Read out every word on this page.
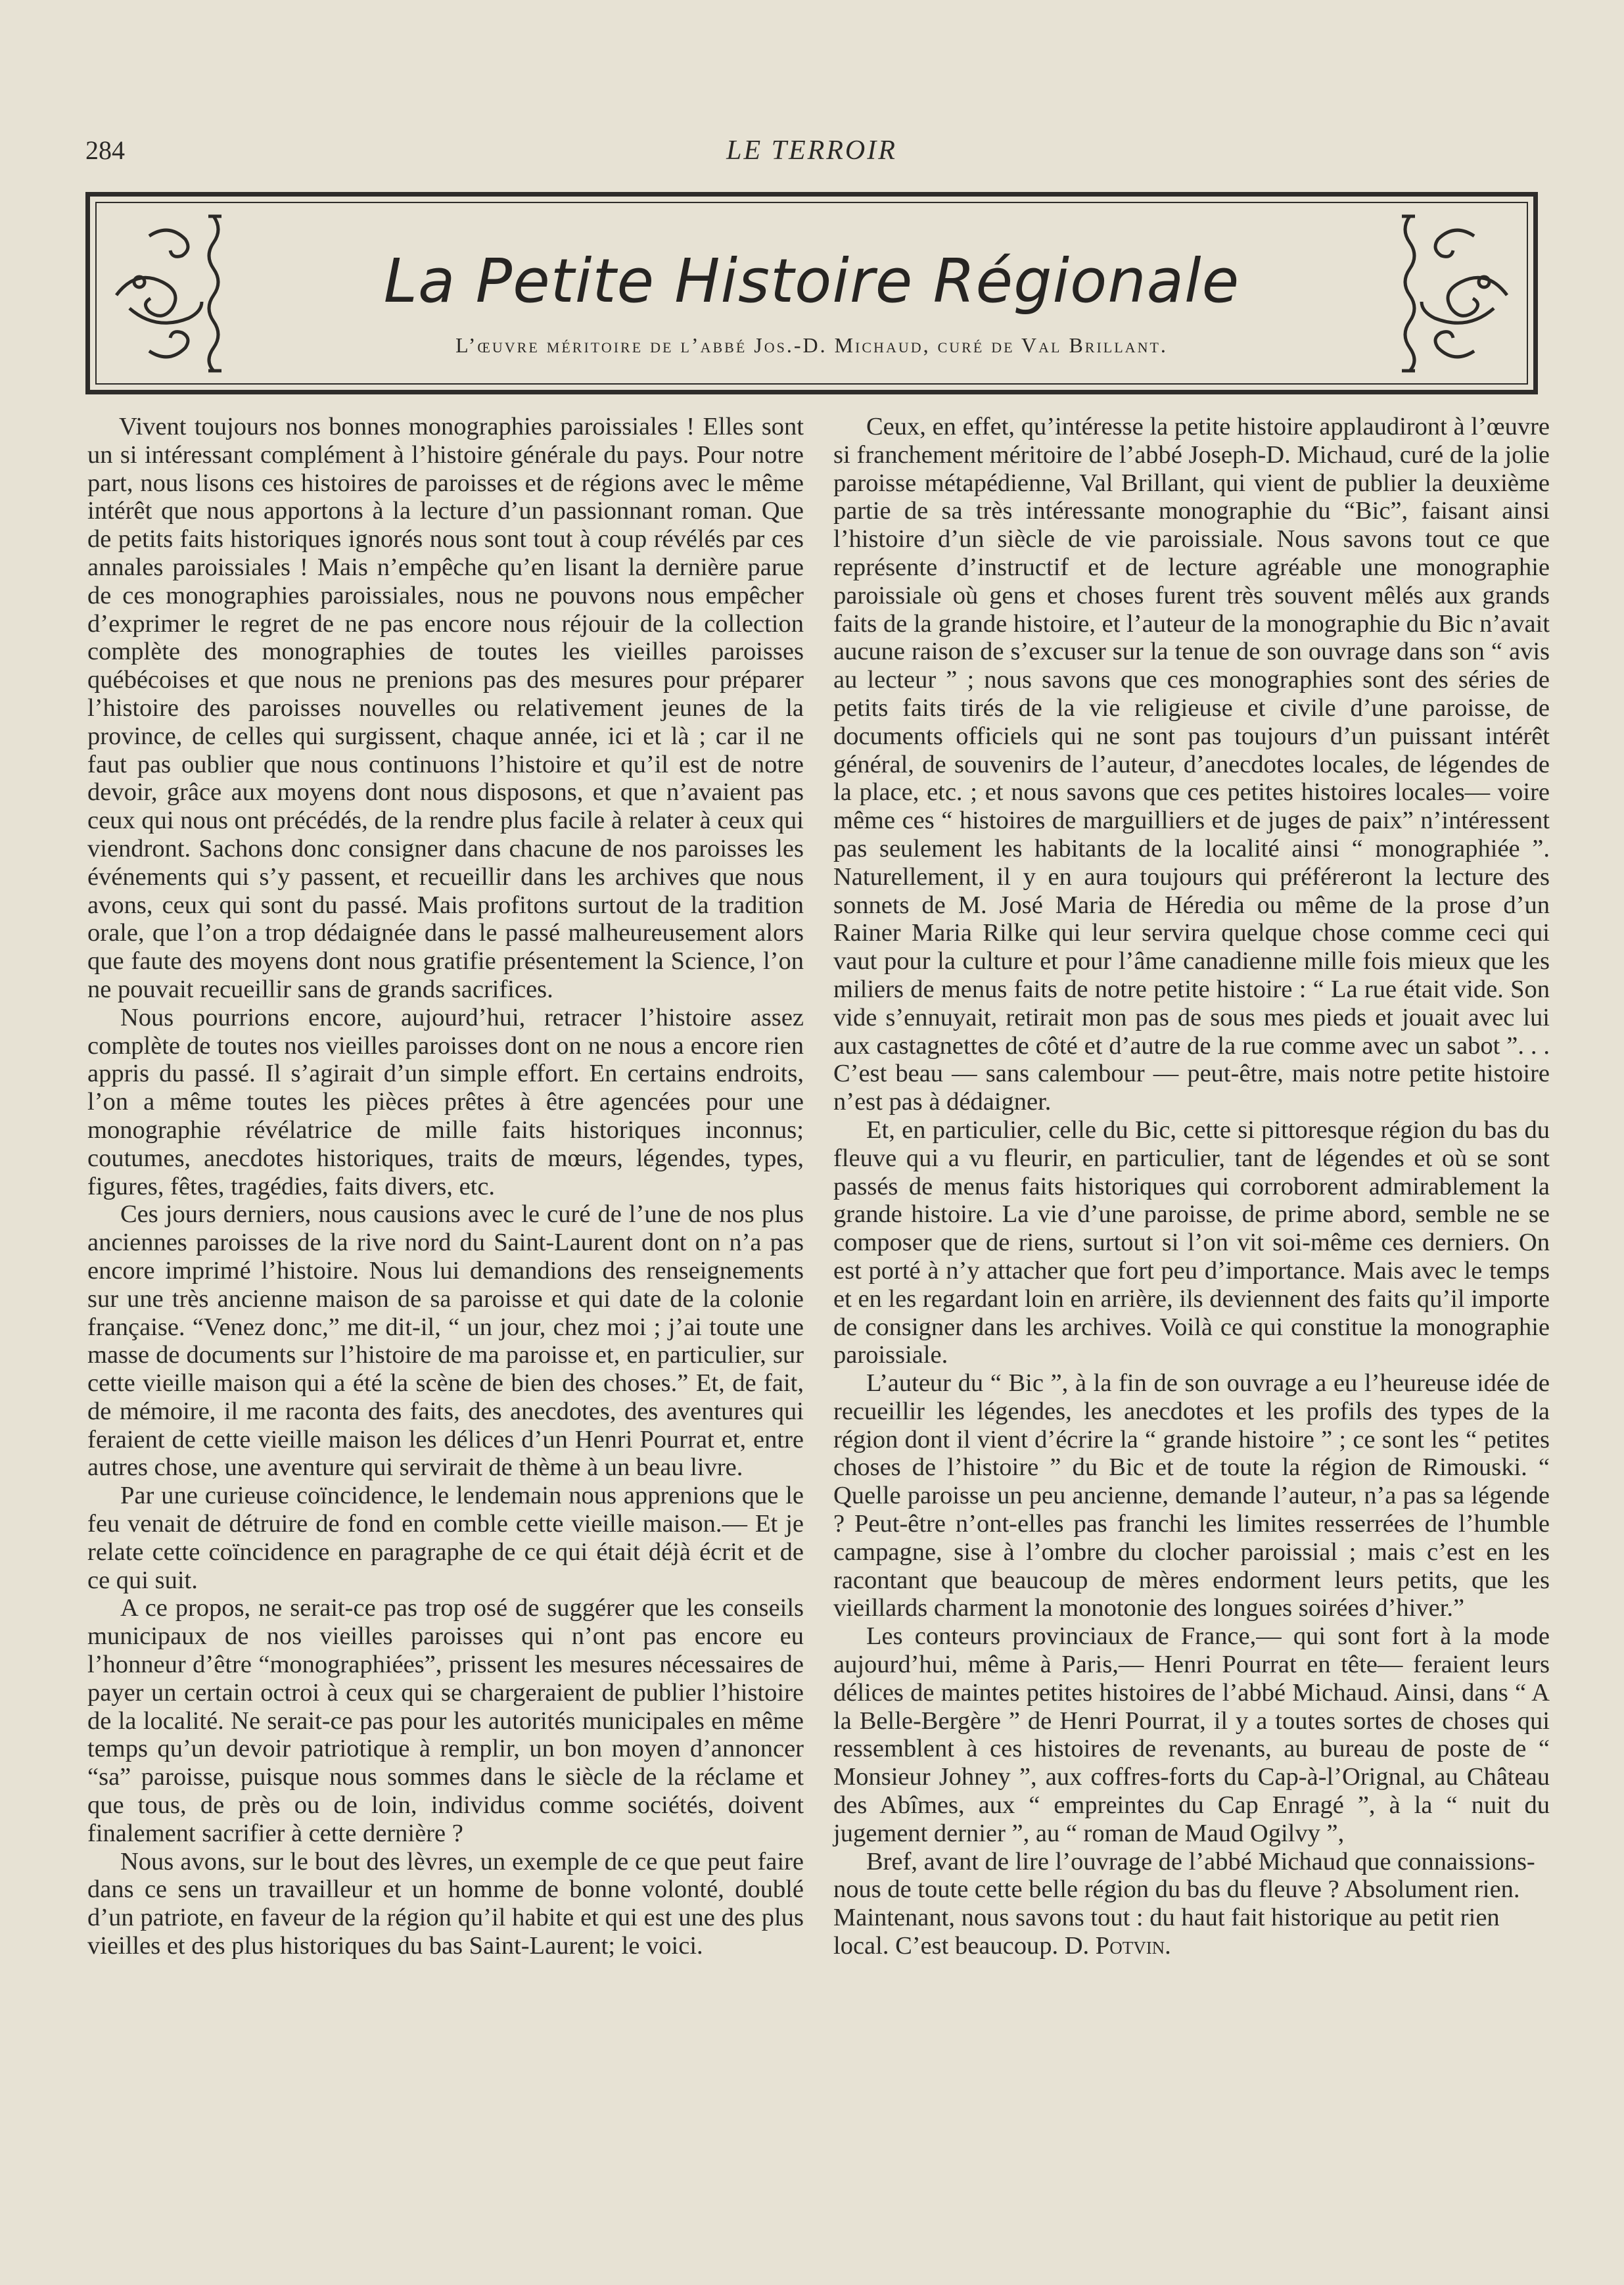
284	LE TERROIR
La Petite Histoire Régionale
L’œuvre méritoire de l’abbé Jos.-D. Michaud, curé de Val Brillant.

Vivent toujours nos bonnes monographies paroissiales ! Elles sont un si intéressant complément à l’histoire générale du pays. Pour notre part, nous lisons ces histoires de paroisses et de régions avec le même intérêt que nous apportons à la lecture d’un passionnant roman. Que de petits faits historiques ignorés nous sont tout à coup révélés par ces annales paroissiales ! Mais n’empêche qu’en lisant la dernière parue de ces monographies paroissiales, nous ne pouvons nous empêcher d’exprimer le regret de ne pas encore nous réjouir de la collection complète des monographies de toutes les vieilles paroisses québécoises et que nous ne prenions pas des mesures pour préparer l’histoire des paroisses nouvelles ou relativement jeunes de la province, de celles qui surgissent, chaque année, ici et là ; car il ne faut pas oublier que nous continuons l’histoire et qu’il est de notre devoir, grâce aux moyens dont nous disposons, et que n’avaient pas ceux qui nous ont précédés, de la rendre plus facile à relater à ceux qui viendront. Sachons donc consigner dans chacune de nos paroisses les événements qui s’y passent, et recueillir dans les archives que nous avons, ceux qui sont du passé. Mais profitons surtout de la tradition orale, que l’on a trop dédaignée dans le passé malheureusement alors que faute des moyens dont nous gratifie présentement la Science, l’on ne pouvait recueillir sans de grands sacrifices.

Nous pourrions encore, aujourd’hui, retracer l’histoire assez complète de toutes nos vieilles paroisses dont on ne nous a encore rien appris du passé. Il s’agirait d’un simple effort. En certains endroits, l’on a même toutes les pièces prêtes à être agencées pour une monographie révélatrice de mille faits historiques inconnus; coutumes, anecdotes historiques, traits de mœurs, légendes, types, figures, fêtes, tragédies, faits divers, etc.

Ces jours derniers, nous causions avec le curé de l’une de nos plus anciennes paroisses de la rive nord du Saint-Laurent dont on n’a pas encore imprimé l’histoire. Nous lui demandions des renseignements sur une très ancienne maison de sa paroisse et qui date de la colonie française. “Venez donc,” me dit-il, “ un jour, chez moi ; j’ai toute une masse de documents sur l’histoire de ma paroisse et, en particulier, sur cette vieille maison qui a été la scène de bien des choses.” Et, de fait, de mémoire, il me raconta des faits, des anecdotes, des aventures qui feraient de cette vieille maison les délices d’un Henri Pourrat et, entre autres chose, une aventure qui servirait de thème à un beau livre.

Par une curieuse coïncidence, le lendemain nous apprenions que le feu venait de détruire de fond en comble cette vieille maison.— Et je relate cette coïncidence en paragraphe de ce qui était déjà écrit et de ce qui suit.

A ce propos, ne serait-ce pas trop osé de suggérer que les conseils municipaux de nos vieilles paroisses qui n’ont pas encore eu l’honneur d’être “monographiées”, prissent les mesures nécessaires de payer un certain octroi à ceux qui se chargeraient de publier l’histoire de la localité. Ne serait-ce pas pour les autorités municipales en même temps qu’un devoir patriotique à remplir, un bon moyen d’annoncer “sa” paroisse, puisque nous sommes dans le siècle de la réclame et que tous, de près ou de loin, individus comme sociétés, doivent finalement sacrifier à cette dernière ?

Nous avons, sur le bout des lèvres, un exemple de ce que peut faire dans ce sens un travailleur et un homme de bonne volonté, doublé d’un patriote, en faveur de la région qu’il habite et qui est une des plus vieilles et des plus historiques du bas Saint-Laurent; le voici.

Ceux, en effet, qu’intéresse la petite histoire applaudiront à l’œuvre si franchement méritoire de l’abbé Joseph-D. Michaud, curé de la jolie paroisse métapédienne, Val Brillant, qui vient de publier la deuxième partie de sa très intéressante monographie du “Bic”, faisant ainsi l’histoire d’un siècle de vie paroissiale. Nous savons tout ce que représente d’instructif et de lecture agréable une monographie paroissiale où gens et choses furent très souvent mêlés aux grands faits de la grande histoire, et l’auteur de la monographie du Bic n’avait aucune raison de s’excuser sur la tenue de son ouvrage dans son “ avis au lecteur ” ; nous savons que ces monographies sont des séries de petits faits tirés de la vie religieuse et civile d’une paroisse, de documents officiels qui ne sont pas toujours d’un puissant intérêt général, de souvenirs de l’auteur, d’anecdotes locales, de légendes de la place, etc. ; et nous savons que ces petites histoires locales— voire même ces “ histoires de marguilliers et de juges de paix” n’intéressent pas seulement les habitants de la localité ainsi “ monographiée ”. Naturellement, il y en aura toujours qui préféreront la lecture des sonnets de M. José Maria de Héredia ou même de la prose d’un Rainer Maria Rilke qui leur servira quelque chose comme ceci qui vaut pour la culture et pour l’âme canadienne mille fois mieux que les miliers de menus faits de notre petite histoire : “ La rue était vide. Son vide s’ennuyait, retirait mon pas de sous mes pieds et jouait avec lui aux castagnettes de côté et d’autre de la rue comme avec un sabot ”. . . C’est beau — sans calembour — peut-être, mais notre petite histoire n’est pas à dédaigner.

Et, en particulier, celle du Bic, cette si pittoresque région du bas du fleuve qui a vu fleurir, en particulier, tant de légendes et où se sont passés de menus faits historiques qui corroborent admirablement la grande histoire. La vie d’une paroisse, de prime abord, semble ne se composer que de riens, surtout si l’on vit soi-même ces derniers. On est porté à n’y attacher que fort peu d’importance. Mais avec le temps et en les regardant loin en arrière, ils deviennent des faits qu’il importe de consigner dans les archives. Voilà ce qui constitue la monographie paroissiale.

L’auteur du “ Bic ”, à la fin de son ouvrage a eu l’heureuse idée de recueillir les légendes, les anecdotes et les profils des types de la région dont il vient d’écrire la “ grande histoire ” ; ce sont les “ petites choses de l’histoire ” du Bic et de toute la région de Rimouski. “ Quelle paroisse un peu ancienne, demande l’auteur, n’a pas sa légende ? Peut-être n’ont-elles pas franchi les limites resserrées de l’humble campagne, sise à l’ombre du clocher paroissial ; mais c’est en les racontant que beaucoup de mères endorment leurs petits, que les vieillards charment la monotonie des longues soirées d’hiver.”

Les conteurs provinciaux de France,— qui sont fort à la mode aujourd’hui, même à Paris,— Henri Pourrat en tête— feraient leurs délices de maintes petites histoires de l’abbé Michaud. Ainsi, dans “ A la Belle-Bergère ” de Henri Pourrat, il y a toutes sortes de choses qui ressemblent à ces histoires de revenants, au bureau de poste de “ Monsieur Johney ”, aux coffres-forts du Cap-à-l’Orignal, au Château des Abîmes, aux “ empreintes du Cap Enragé ”, à la “ nuit du jugement dernier ”, au “ roman de Maud Ogilvy ”,

Bref, avant de lire l’ouvrage de l’abbé Michaud que connaissions-nous de toute cette belle région du bas du fleuve ? Absolument rien. Maintenant, nous savons tout : du haut fait historique au petit rien local. C’est beaucoup. D. Potvin.
